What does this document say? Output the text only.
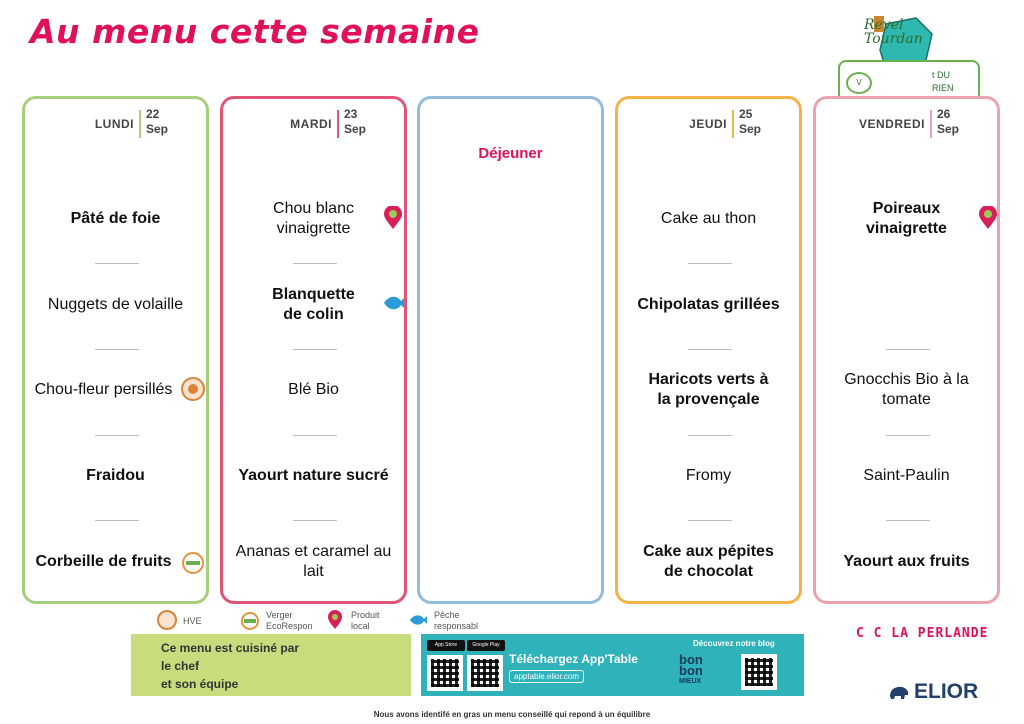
Au menu cette semaine	Revel Tourdan
V
t DU
RIEN
LUNDI
22
Sep
Pâté de foie
Nuggets de volaille
Chou-fleur persillés
Fraidou
Corbeille de fruits
MARDI
23
Sep
Chou blanc vinaigrette
Blanquette de colin
Blé Bio
Yaourt nature sucré
Ananas et caramel au lait
Déjeuner
JEUDI
25
Sep
Cake au thon
Chipolatas grillées
Haricots verts à la provençale
Fromy
Cake aux pépites de chocolat
VENDREDI
26
Sep
Poireaux vinaigrette
Gnocchis Bio à la tomate
Saint-Paulin
Yaourt aux fruits
HVE
Verger
EcoRespon
Produit
local
Pêche
responsabl
Ce menu est cuisiné par
le chef
et son équipe
App Store	Google Play
Téléchargez App'Table
apptable.elior.com
Découvrez notre blog
bon
bon
MIEUX
C C LA PERLANDE
ELIOR
Nous avons identifé en gras un menu conseillé qui repond à un équilibre
